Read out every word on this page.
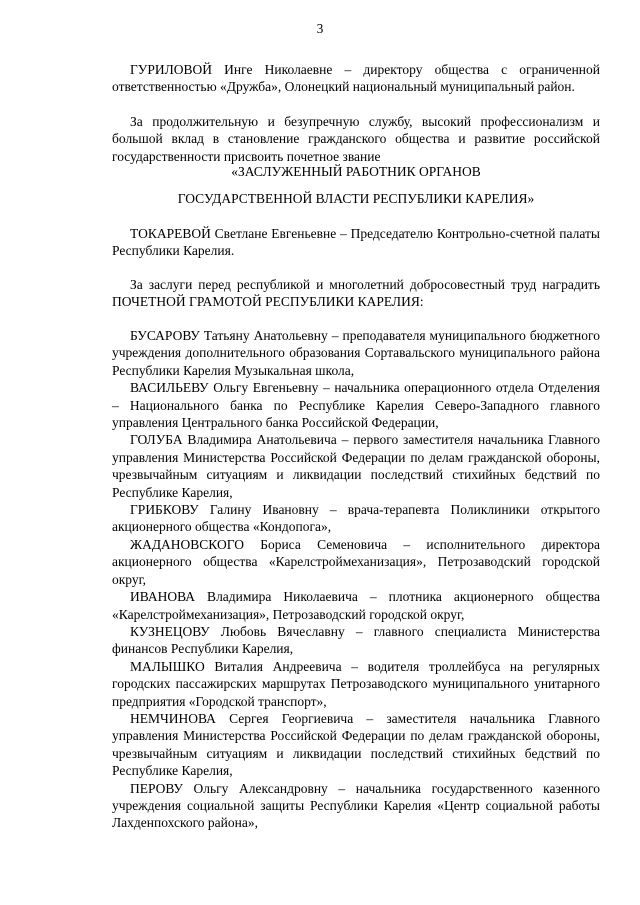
3

ГУРИЛОВОЙ Инге Николаевне – директору общества с ограниченной ответственностью «Дружба», Олонецкий национальный муниципальный район.

За продолжительную и безупречную службу, высокий профессионализм и большой вклад в становление гражданского общества и развитие российской государственности присвоить почетное звание

«ЗАСЛУЖЕННЫЙ РАБОТНИК ОРГАНОВ

ГОСУДАРСТВЕННОЙ ВЛАСТИ РЕСПУБЛИКИ КАРЕЛИЯ»

ТОКАРЕВОЙ Светлане Евгеньевне – Председателю Контрольно-счетной палаты Республики Карелия.

За заслуги перед республикой и многолетний добросовестный труд наградить ПОЧЕТНОЙ ГРАМОТОЙ РЕСПУБЛИКИ КАРЕЛИЯ:

БУСАРОВУ Татьяну Анатольевну – преподавателя муниципального бюджетного учреждения дополнительного образования Сортавальского муниципального района Республики Карелия Музыкальная школа,

ВАСИЛЬЕВУ Ольгу Евгеньевну – начальника операционного отдела Отделения – Национального банка по Республике Карелия Северо-Западного главного управления Центрального банка Российской Федерации,

ГОЛУБА Владимира Анатольевича – первого заместителя начальника Главного управления Министерства Российской Федерации по делам гражданской обороны, чрезвычайным ситуациям и ликвидации последствий стихийных бедствий по Республике Карелия,

ГРИБКОВУ Галину Ивановну – врача-терапевта Поликлиники открытого акционерного общества «Кондопога»,

ЖАДАНОВСКОГО Бориса Семеновича – исполнительного директора акционерного общества «Карелстроймеханизация», Петрозаводский городской округ,

ИВАНОВА Владимира Николаевича – плотника акционерного общества «Карелстроймеханизация», Петрозаводский городской округ,

КУЗНЕЦОВУ Любовь Вячеславну – главного специалиста Министерства финансов Республики Карелия,

МАЛЫШКО Виталия Андреевича – водителя троллейбуса на регулярных городских пассажирских маршрутах Петрозаводского муниципального унитарного предприятия «Городской транспорт»,

НЕМЧИНОВА Сергея Георгиевича – заместителя начальника Главного управления Министерства Российской Федерации по делам гражданской обороны, чрезвычайным ситуациям и ликвидации последствий стихийных бедствий по Республике Карелия,

ПЕРОВУ Ольгу Александровну – начальника государственного казенного учреждения социальной защиты Республики Карелия «Центр социальной работы Лахденпохского района»,
